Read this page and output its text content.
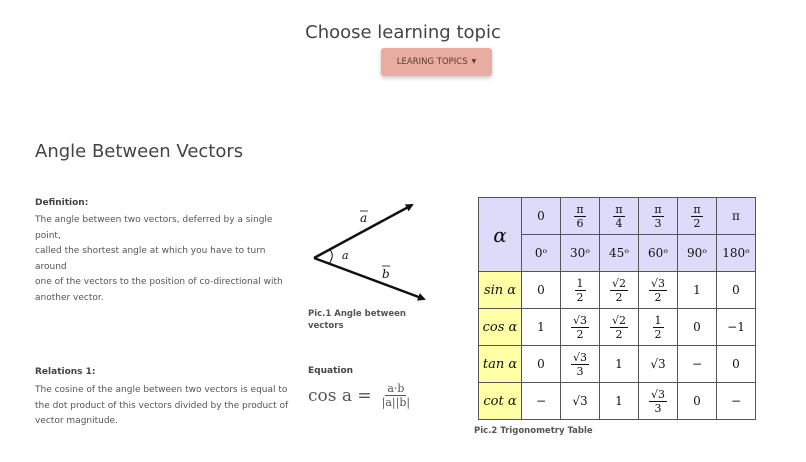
Choose learning topic
LEARING TOPICS ▼
Angle Between Vectors
Definition:
The angle between two vectors, deferred by a single point,
called the shortest angle at which you have to turn around
one of the vectors to the position of co-directional with
another vector.
Relations 1:
The cosine of the angle between two vectors is equal to
the dot product of this vectors divided by the product of
vector magnitude.
a
b
a
Pic.1 Angle between
vectors
Equation
$\cos a = \frac{a\cdot b}{|a||b|}$
α	0	$\frac{\pi}{6}$	$\frac{\pi}{4}$	$\frac{\pi}{3}$	$\frac{\pi}{2}$	π
	0ᵒ	30ᵒ	45ᵒ	60ᵒ	90ᵒ	180ᵒ
sin α	0	$\frac{1}{2}$	$\frac{√2}{2}$	$\frac{√3}{2}$	1	0
cos α	1	$\frac{√3}{2}$	$\frac{√2}{2}$	$\frac{1}{2}$	0	−1
tan α	0	$\frac{√3}{3}$	1	√3	−	0
cot α	−	√3	1	$\frac{√3}{3}$	0	−
Pic.2 Trigonometry Table
